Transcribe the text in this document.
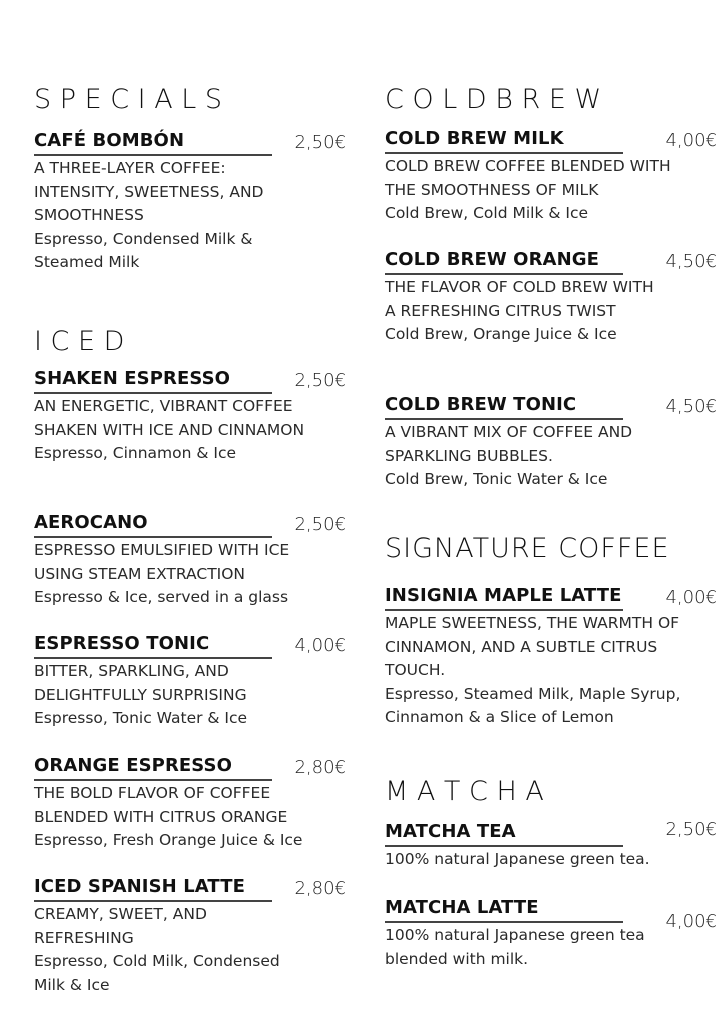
S P E C I A L S
CAFÉ BOMBÓN	2,50€
A THREE-LAYER COFFEE: INTENSITY, SWEETNESS, AND SMOOTHNESS
Espresso, Condensed Milk & Steamed Milk
I C E D
SHAKEN ESPRESSO	2,50€
AN ENERGETIC, VIBRANT COFFEE SHAKEN WITH ICE AND CINNAMON
Espresso, Cinnamon & Ice
AEROCANO	2,50€
ESPRESSO EMULSIFIED WITH ICE USING STEAM EXTRACTION
Espresso & Ice, served in a glass
ESPRESSO TONIC	4,00€
BITTER, SPARKLING, AND DELIGHTFULLY SURPRISING
Espresso, Tonic Water & Ice
ORANGE ESPRESSO	2,80€
THE BOLD FLAVOR OF COFFEE BLENDED WITH CITRUS ORANGE
Espresso, Fresh Orange Juice & Ice
ICED SPANISH LATTE	2,80€
CREAMY, SWEET, AND REFRESHING
Espresso, Cold Milk, Condensed Milk & Ice
C O L D B R E W
COLD BREW MILK	4,00€
COLD BREW COFFEE BLENDED WITH THE SMOOTHNESS OF MILK
Cold Brew, Cold Milk & Ice
COLD BREW ORANGE	4,50€
THE FLAVOR OF COLD BREW WITH A REFRESHING CITRUS TWIST
Cold Brew, Orange Juice & Ice
COLD BREW TONIC	4,50€
A VIBRANT MIX OF COFFEE AND SPARKLING BUBBLES.
Cold Brew, Tonic Water & Ice
SIGNATURE COFFEE
INSIGNIA MAPLE LATTE 4,00€
MAPLE SWEETNESS, THE WARMTH OF CINNAMON, AND A SUBTLE CITRUS TOUCH.
Espresso, Steamed Milk, Maple Syrup, Cinnamon & a Slice of Lemon
M A T C H A
MATCHA TEA	2,50€
100% natural Japanese green tea.
MATCHA LATTE
4,00€
100% natural Japanese green tea blended with milk.
